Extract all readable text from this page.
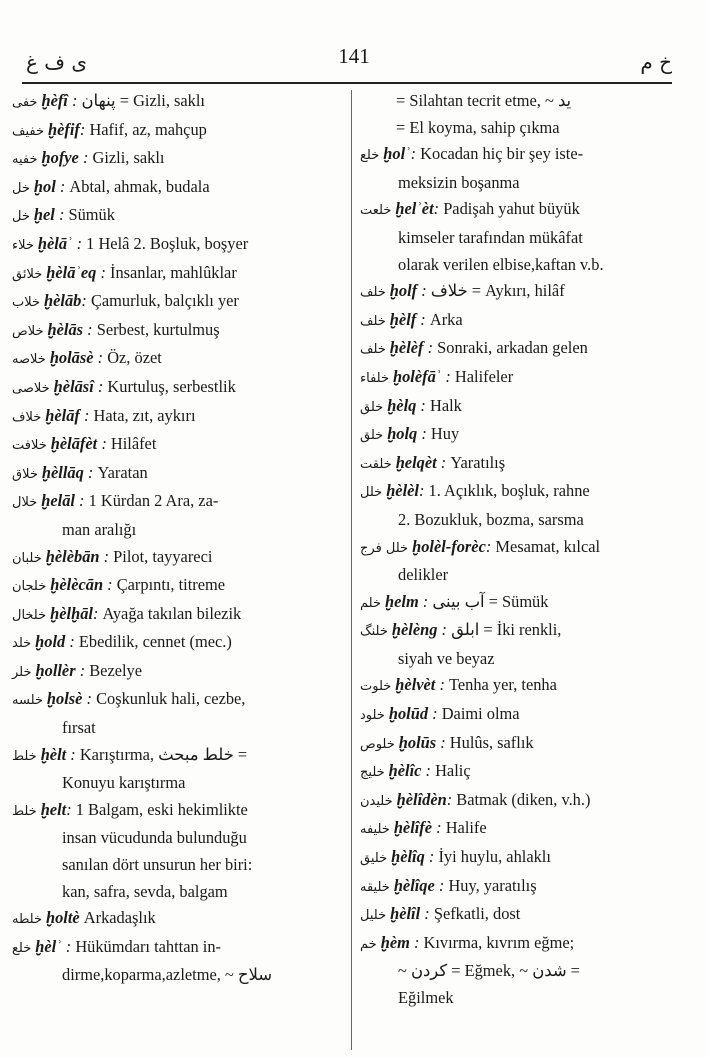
ى ف غ	141	خ م
خفى ḫèfî : پنهان = Gizli, saklı
خفيف ḫèfif: Hafif, az, mahçup
خفيه ḫofye : Gizli, saklı
خل ḫol : Abtal, ahmak, budala
خل ḫel : Sümük
خلاء ḫèlāʾ : 1 Helâ 2. Boşluk, boşyer
خلائق ḫèlāʾeq : İnsanlar, mahlûklar
خلاب ḫèlāb: Çamurluk, balçıklı yer
خلاص ḫèlās : Serbest, kurtulmuş
خلاصه ḫolāsè : Öz, özet
خلاصى ḫèlāsî : Kurtuluş, serbestlik
خلاف ḫèlāf : Hata, zıt, aykırı
خلافت ḫèlāfèt : Hilâfet
خلاق ḫèllāq : Yaratan
خلال ḫelāl : 1 Kürdan 2 Ara, za-
man aralığı
خلبان ḫèlèbān : Pilot, tayyareci
خلجان ḫèlècān : Çarpıntı, titreme
خلخال ḫèlḫāl: Ayağa takılan bilezik
خلد ḫold : Ebedilik, cennet (mec.)
خلر ḫollèr : Bezelye
خلسه ḫolsè : Coşkunluk hali, cezbe,
fırsat
خلط ḫèlt : Karıştırma, خلط مبحث =
Konuyu karıştırma
خلط ḫelt: 1 Balgam, eski hekimlikte
insan vücudunda bulunduğu
sanılan dört unsurun her biri:
kan, safra, sevda, balgam
خلطه ḫoltè Arkadaşlık
خلع ḫèlʾ : Hükümdarı tahttan in-
dirme,koparma,azletme, ~ سلاح
= Silahtan tecrit etme, ~ يد
= El koyma, sahip çıkma
خلع ḫolʾ: Kocadan hiç bir şey iste-
meksizin boşanma
خلعت ḫelʾèt: Padişah yahut büyük
kimseler tarafından mükâfat
olarak verilen elbise,kaftan v.b.
خلف ḫolf : خلاف = Aykırı, hilâf
خلف ḫèlf : Arka
خلف ḫèlèf : Sonraki, arkadan gelen
خلفاء ḫolèfāʾ : Halifeler
خلق ḫèlq : Halk
خلق ḫolq : Huy
خلقت ḫelqèt : Yaratılış
خلل ḫèlèl: 1. Açıklık, boşluk, rahne
2. Bozukluk, bozma, sarsma
خلل فرج ḫolèl-forèc: Mesamat, kılcal
delikler
خلم ḫelm : آب بينى = Sümük
خلنگ ḫèlèng : ابلق = İki renkli,
siyah ve beyaz
خلوت ḫèlvèt : Tenha yer, tenha
خلود ḫolūd : Daimi olma
خلوص ḫolūs : Hulûs, saflık
خليج ḫèlîc : Haliç
خليدن ḫèlîdèn: Batmak (diken, v.h.)
خليفه ḫèlîfè : Halife
خليق ḫèlîq : İyi huylu, ahlaklı
خليقه ḫèlîqe : Huy, yaratılış
خليل ḫèlîl : Şefkatli, dost
خم ḫèm : Kıvırma, kıvrım eğme;
~ كردن = Eğmek, ~ شدن =
Eğilmek
